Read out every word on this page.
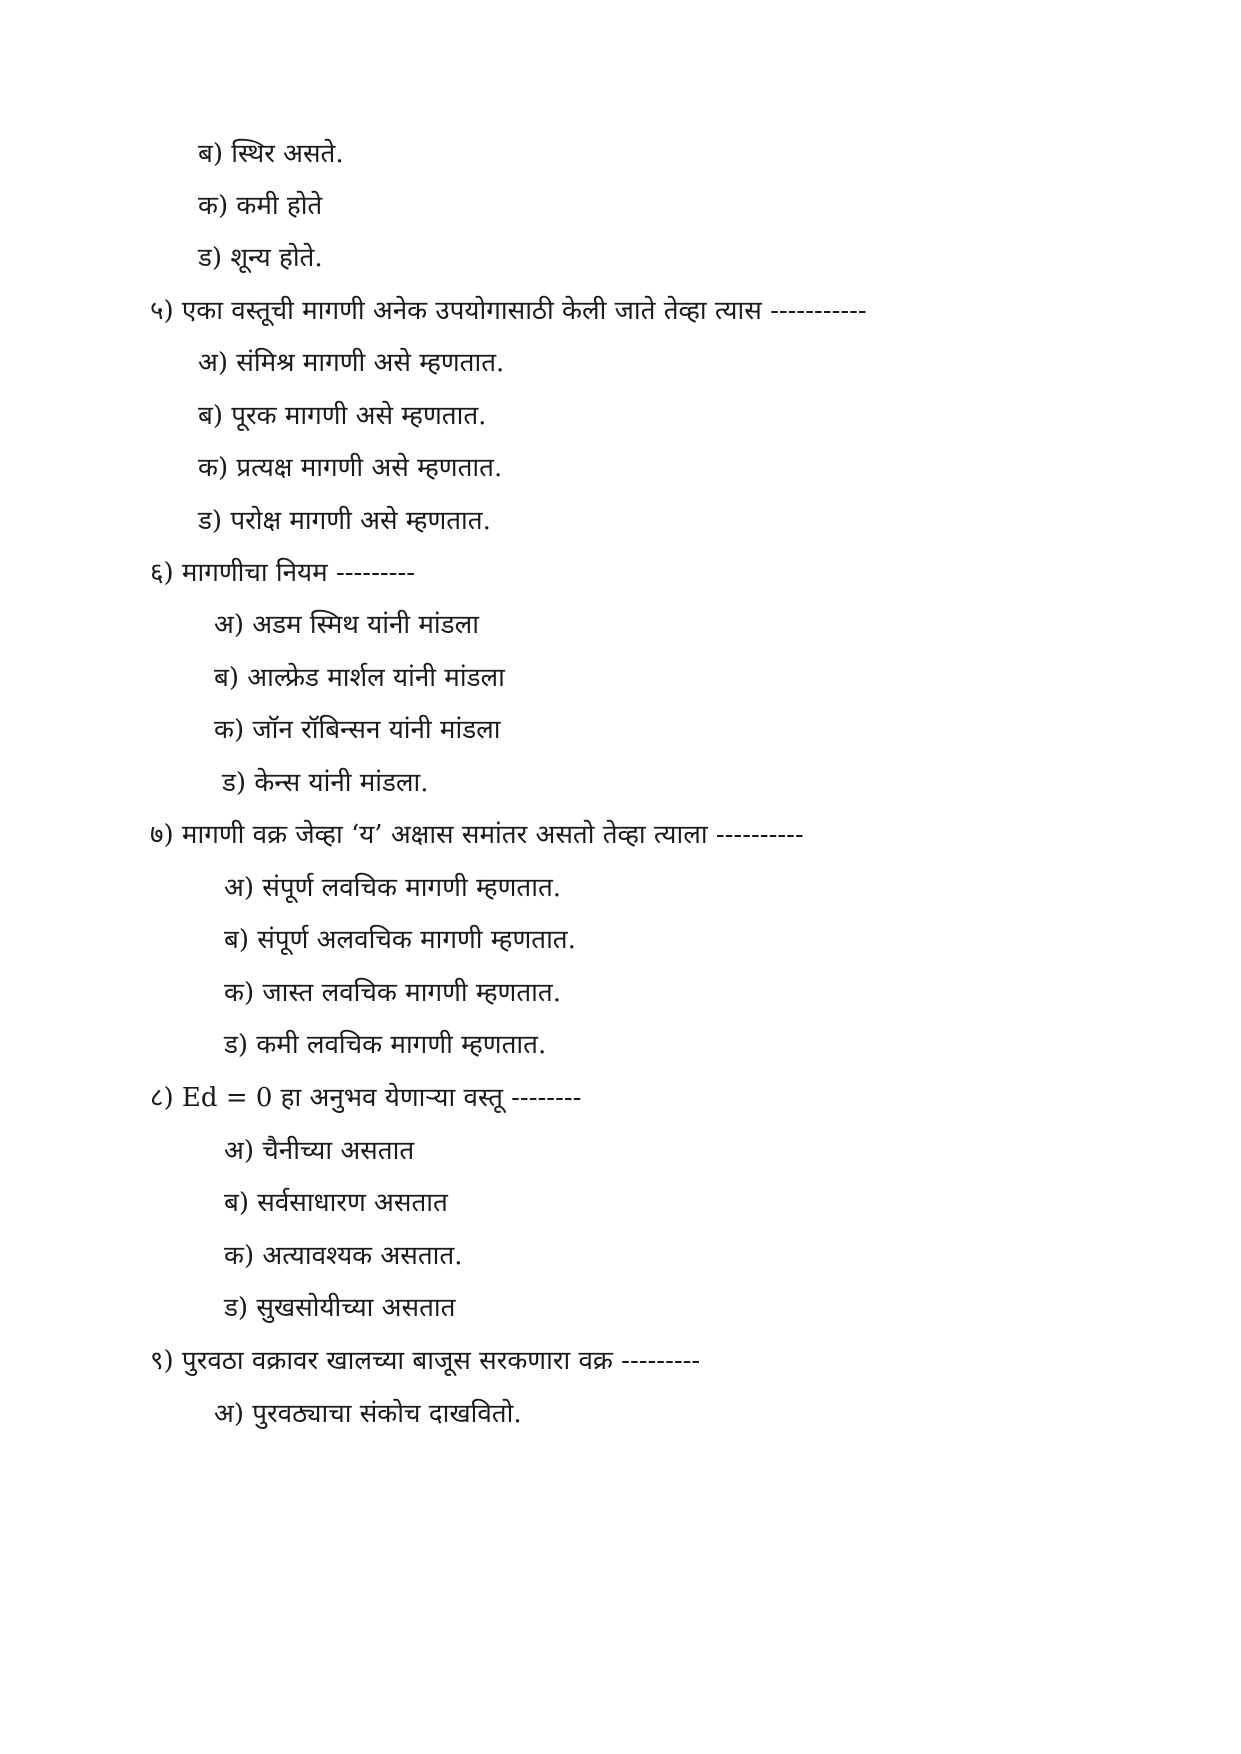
ब) स्थिर असते.
क) कमी होते
ड) शून्य होते.
५) एका वस्तूची मागणी अनेक उपयोगासाठी केली जाते तेव्हा त्यास -----------
अ) संमिश्र मागणी असे म्हणतात.
ब) पूरक मागणी असे म्हणतात.
क) प्रत्यक्ष मागणी असे म्हणतात.
ड) परोक्ष मागणी असे म्हणतात.
६) मागणीचा नियम ---------
अ) अडम स्मिथ यांनी मांडला
ब) आल्फ्रेड मार्शल यांनी मांडला
क) जॉन रॉबिन्सन यांनी मांडला
ड) केन्स यांनी मांडला.
७) मागणी वक्र जेव्हा ‘य’ अक्षास समांतर असतो तेव्हा त्याला ----------
अ) संपूर्ण लवचिक मागणी म्हणतात.
ब) संपूर्ण अलवचिक मागणी म्हणतात.
क) जास्त लवचिक मागणी म्हणतात.
ड) कमी लवचिक मागणी म्हणतात.
८) Ed = 0 हा अनुभव येणाऱ्या वस्तू --------
अ) चैनीच्या असतात
ब) सर्वसाधारण असतात
क) अत्यावश्यक असतात.
ड) सुखसोयीच्या असतात
९) पुरवठा वक्रावर खालच्या बाजूस सरकणारा वक्र ---------
अ) पुरवठ्याचा संकोच दाखवितो.
